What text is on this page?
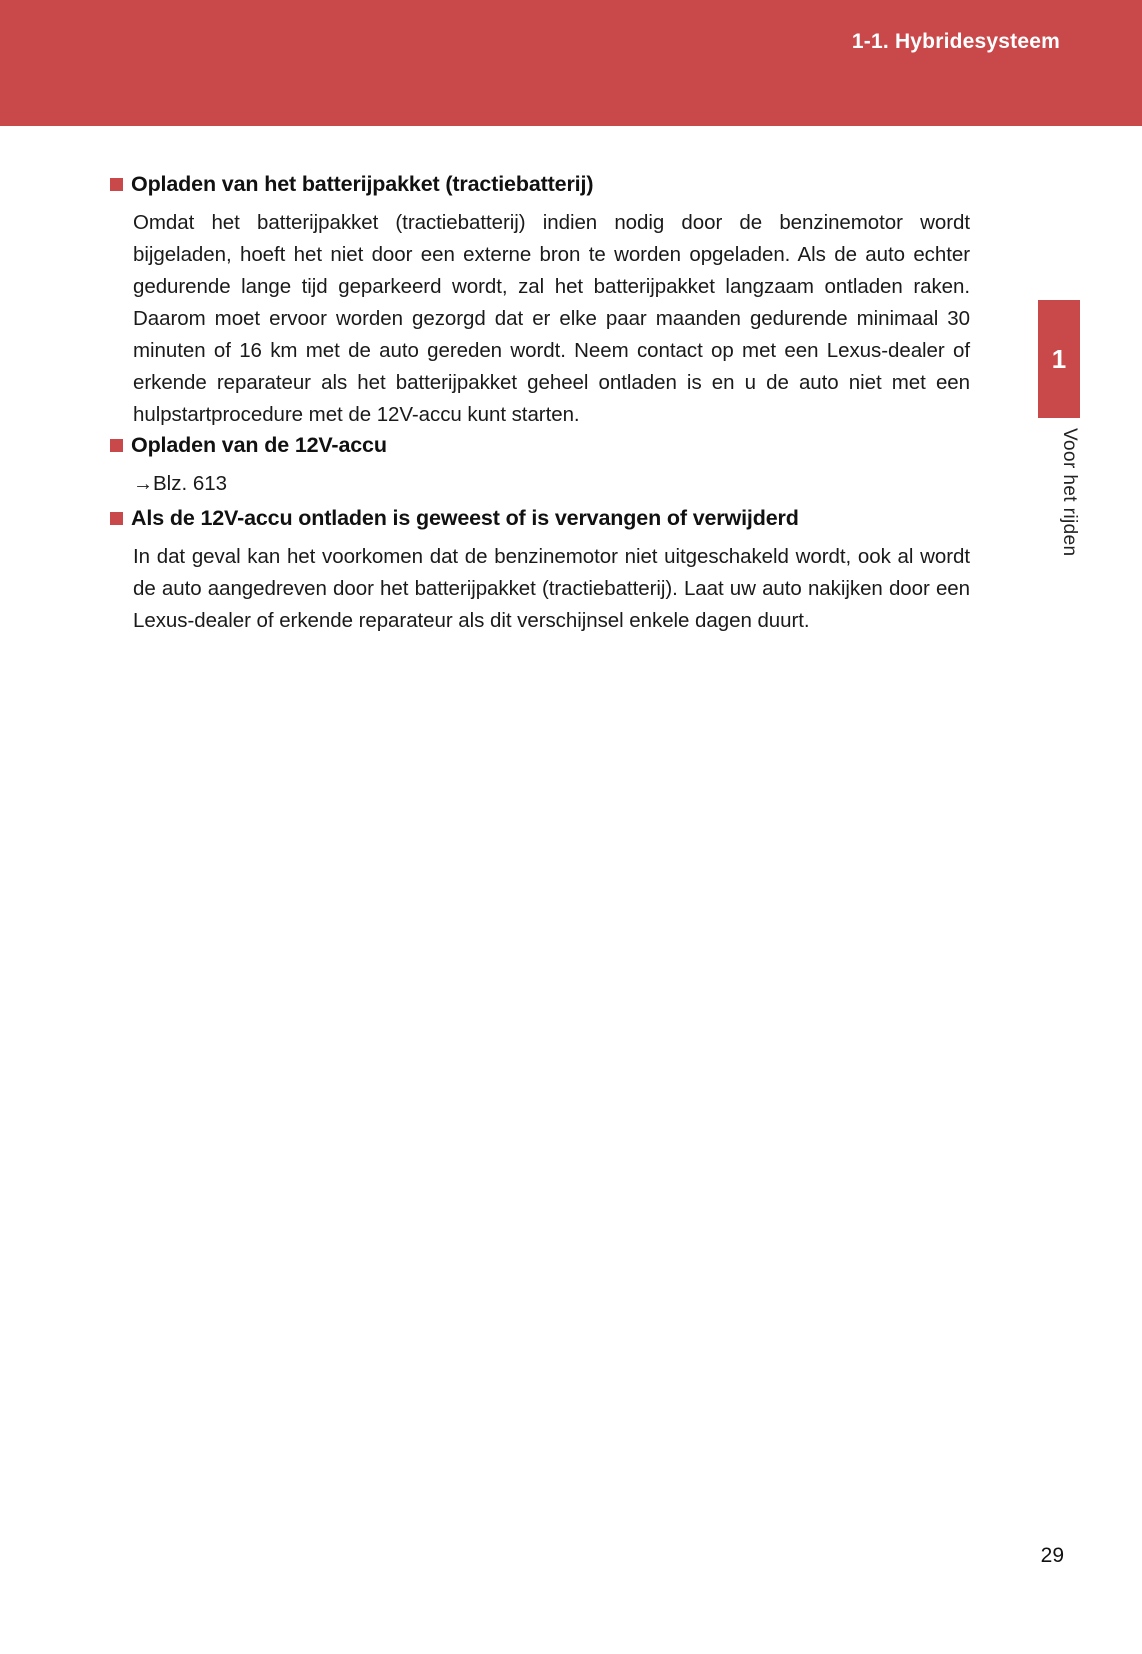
1-1. Hybridesysteem
1
Voor het rijden
Opladen van het batterijpakket (tractiebatterij)
Omdat het batterijpakket (tractiebatterij) indien nodig door de benzinemotor wordt bijgeladen, hoeft het niet door een externe bron te worden opgeladen. Als de auto echter gedurende lange tijd geparkeerd wordt, zal het batterijpakket langzaam ontladen raken. Daarom moet ervoor worden gezorgd dat er elke paar maanden gedurende minimaal 30 minuten of 16 km met de auto gereden wordt. Neem contact op met een Lexus-dealer of erkende reparateur als het batterijpakket geheel ontladen is en u de auto niet met een hulpstartprocedure met de 12V-accu kunt starten.
Opladen van de 12V-accu
→Blz. 613
Als de 12V-accu ontladen is geweest of is vervangen of verwijderd
In dat geval kan het voorkomen dat de benzinemotor niet uitgeschakeld wordt, ook al wordt de auto aangedreven door het batterijpakket (tractiebatterij). Laat uw auto nakijken door een Lexus-dealer of erkende reparateur als dit verschijnsel enkele dagen duurt.
29
